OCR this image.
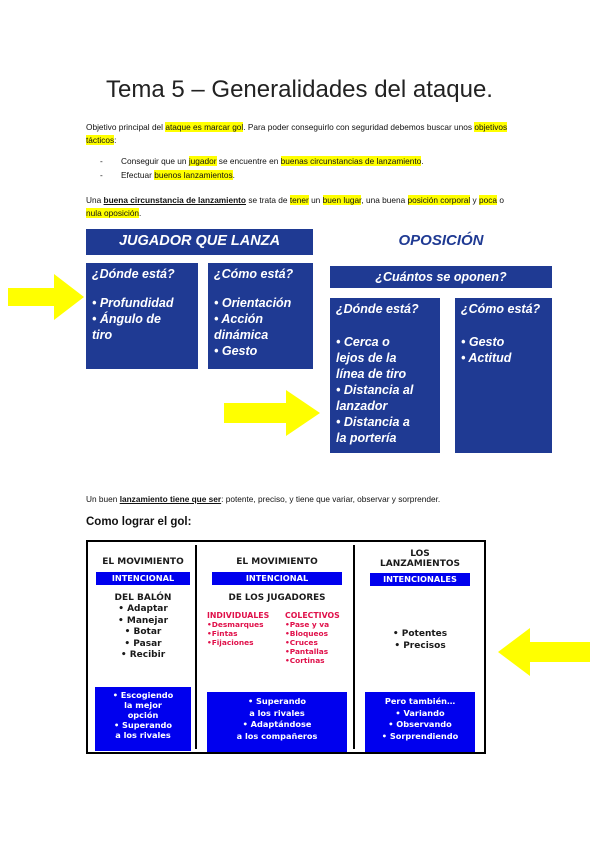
Tema 5 – Generalidades del ataque.
Objetivo principal del ataque es marcar gol. Para poder conseguirlo con seguridad debemos buscar unos objetivos tácticos:
- Conseguir que un jugador se encuentre en buenas circunstancias de lanzamiento.
- Efectuar buenos lanzamientos.
Una buena circunstancia de lanzamiento se trata de tener un buen lugar, una buena posición corporal y poca o nula oposición.
JUGADOR QUE LANZA
¿Dónde está?
• Profundidad
• Ángulo de
tiro
¿Cómo está?
• Orientación
• Acción
dinámica
• Gesto
OPOSICIÓN
¿Cuántos se oponen?
¿Dónde está?
• Cerca o
lejos de la
línea de tiro
• Distancia al
lanzador
• Distancia a
la portería
¿Cómo está?
• Gesto
• Actitud
Un buen lanzamiento tiene que ser: potente, preciso, y tiene que variar, observar y sorprender.
Como lograr el gol:
EL MOVIMIENTO
INTENCIONAL
DEL BALÓN
• Adaptar
• Manejar
• Botar
• Pasar
• Recibir
• Escogiendo
la mejor
opción
• Superando
a los rivales
EL MOVIMIENTO
INTENCIONAL
DE LOS JUGADORES
INDIVIDUALES
•Desmarques
•Fintas
•Fijaciones
COLECTIVOS
•Pase y va
•Bloqueos
•Cruces
•Pantallas
•Cortinas
• Superando
a los rivales
• Adaptándose
a los compañeros
LOS
LANZAMIENTOS
INTENCIONALES
• Potentes
• Precisos
Pero también…
• Variando
• Observando
• Sorprendiendo
